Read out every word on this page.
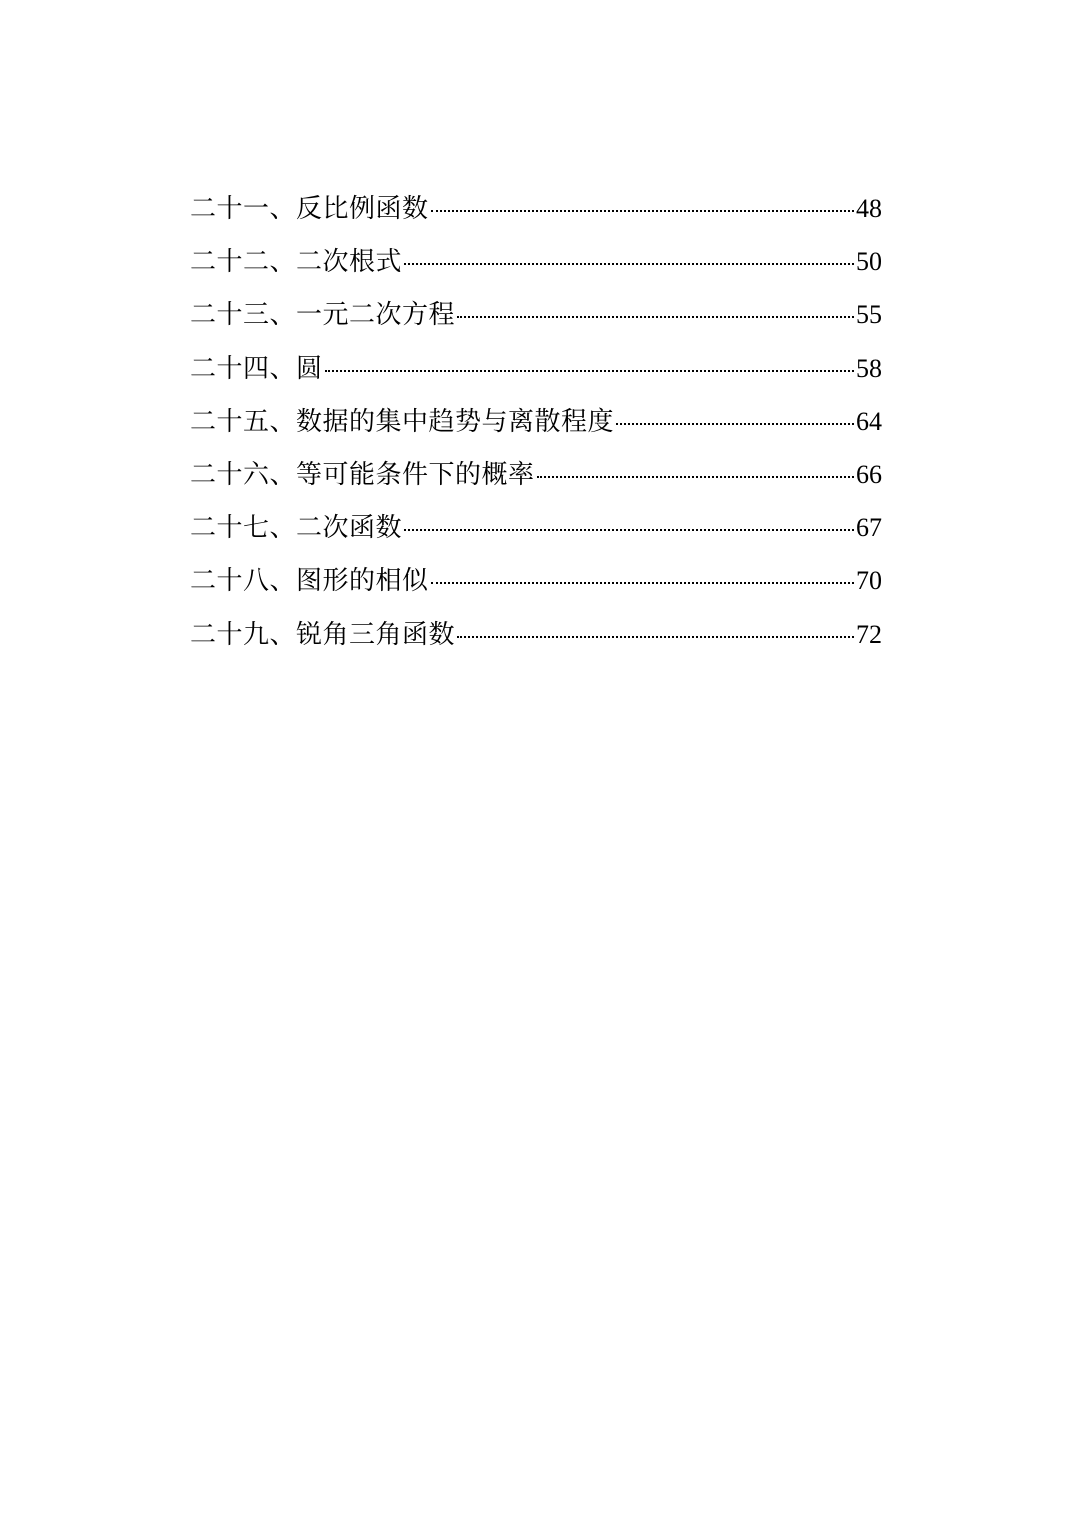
二十一、反比例函数	48
二十二、二次根式	50
二十三、一元二次方程	55
二十四、圆	58
二十五、数据的集中趋势与离散程度	64
二十六、等可能条件下的概率	66
二十七、二次函数	67
二十八、图形的相似	70
二十九、锐角三角函数	72
